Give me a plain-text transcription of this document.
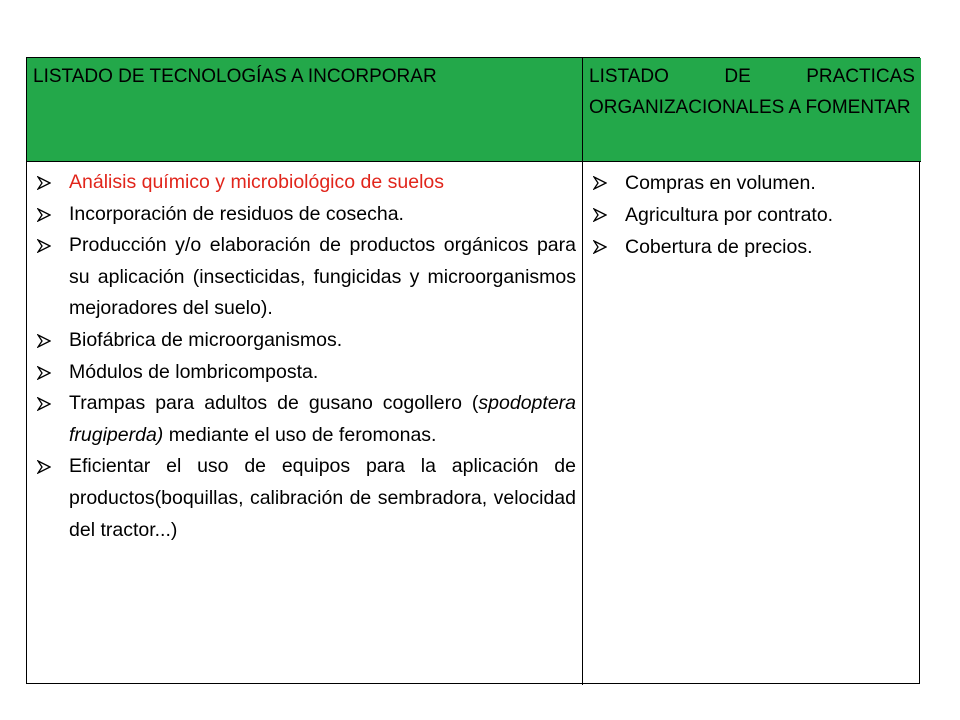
LISTADO DE TECNOLOGÍAS A INCORPORAR	LISTADO DE PRACTICAS ORGANIZACIONALES A FOMENTAR
Análisis químico y microbiológico de suelos
Incorporación de residuos de cosecha.
Producción y/o elaboración de productos orgánicos para su aplicación (insecticidas, fungicidas y microorganismos mejoradores del suelo).
Biofábrica de microorganismos.
Módulos de lombricomposta.
Trampas para adultos de gusano cogollero (spodoptera frugiperda) mediante el uso de feromonas.
Eficientar el uso de equipos para la aplicación de productos(boquillas, calibración de sembradora, velocidad del tractor...)
Compras en volumen.
Agricultura por contrato.
Cobertura de precios.
